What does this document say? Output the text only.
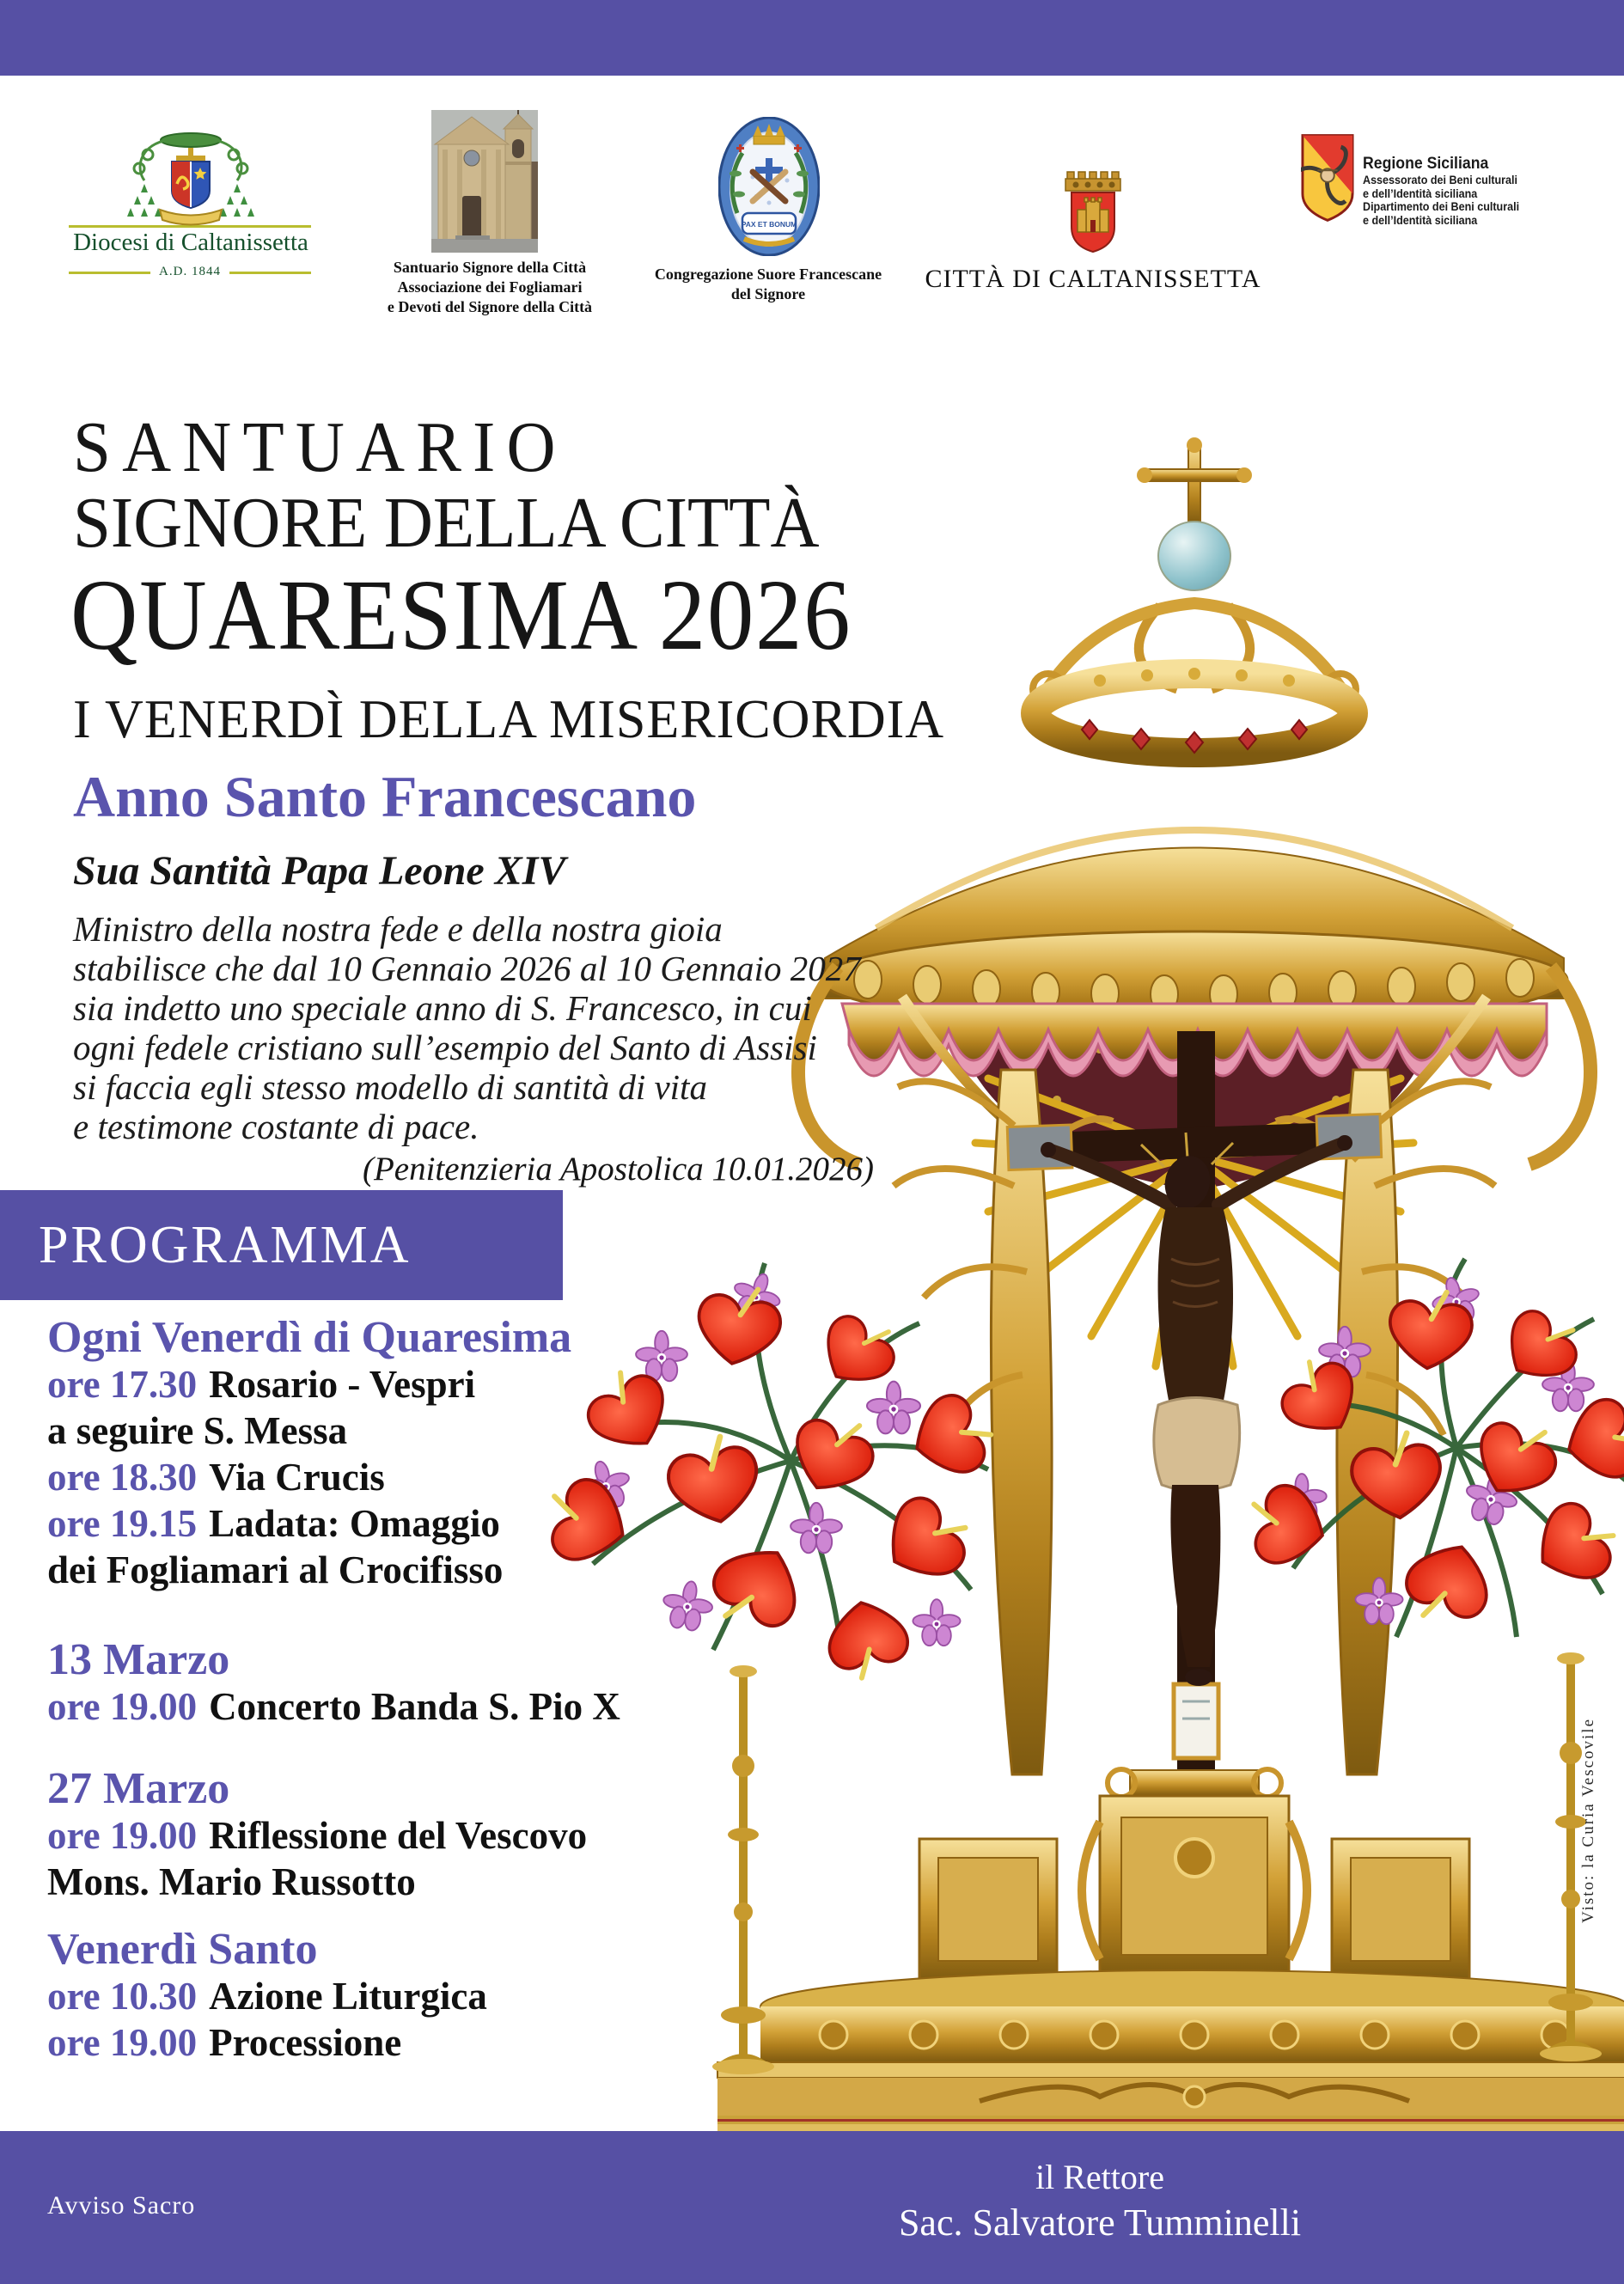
Diocesi di Caltanissetta
A.D. 1844	Santuario Signore della Città
Associazione dei Fogliamari
e Devoti del Signore della Città
PAX ET BONUM
Congregazione Suore Francescane
del Signore
CITTÀ DI CALTANISSETTA
Regione Siciliana
Assessorato dei Beni culturali
e dell’Identità siciliana
Dipartimento dei Beni culturali
e dell’Identità siciliana
SANTUARIO
SIGNORE DELLA CITTÀ
QUARESIMA 2026
I VENERDÌ DELLA MISERICORDIA
Anno Santo Francescano
Sua Santità Papa Leone XIV
Ministro della nostra fede e della nostra gioia
stabilisce che dal 10 Gennaio 2026 al 10 Gennaio 2027
sia indetto uno speciale anno di S. Francesco, in cui
ogni fedele cristiano sull’esempio del Santo di Assisi
si faccia egli stesso modello di santità di vita
e testimone costante di pace.
(Penitenzieria Apostolica 10.01.2026)
PROGRAMMA
Ogni Venerdì di Quaresima
ore 17.30 Rosario - Vespri
a seguire S. Messa
ore 18.30 Via Crucis
ore 19.15 Ladata: Omaggio
dei Fogliamari al Crocifisso
13 Marzo
ore 19.00 Concerto Banda S. Pio X
27 Marzo
ore 19.00 Riflessione del Vescovo
Mons. Mario Russotto
Venerdì Santo
ore 10.30 Azione Liturgica
ore 19.00 Processione
Avviso Sacro
il Rettore
Sac. Salvatore Tumminelli
Visto: la Curia Vescovile
